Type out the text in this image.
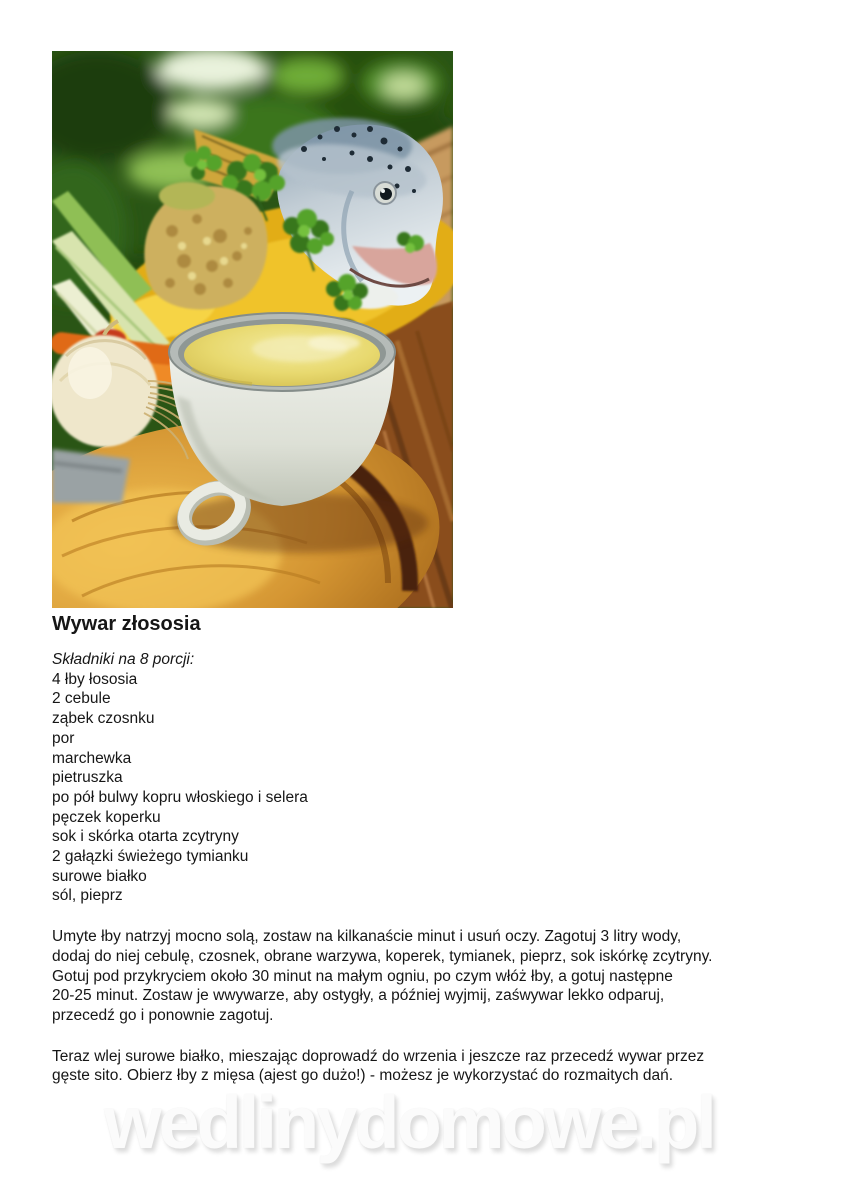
Wywar złososia
Składniki na 8 porcji:
4 łby łososia
2 cebule
ząbek czosnku
por
marchewka
pietruszka
po pół bulwy kopru włoskiego i selera
pęczek koperku
sok i skórka otarta zcytryny
2 gałązki świeżego tymianku
surowe białko
sól, pieprz
Umyte łby natrzyj mocno solą, zostaw na kilkanaście minut i usuń oczy. Zagotuj 3 litry wody,
dodaj do niej cebulę, czosnek, obrane warzywa, koperek, tymianek, pieprz, sok iskórkę zcytryny.
Gotuj pod przykryciem około 30 minut na małym ogniu, po czym włóż łby, a gotuj następne
20-25 minut. Zostaw je wwywarze, aby ostygły, a później wyjmij, zaśwywar lekko odparuj,
przecedź go i ponownie zagotuj.
Teraz wlej surowe białko, mieszając doprowadź do wrzenia i jeszcze raz przecedź wywar przez
gęste sito. Obierz łby z mięsa (ajest go dużo!) - możesz je wykorzystać do rozmaitych dań.
wedlinydomowe.pl
